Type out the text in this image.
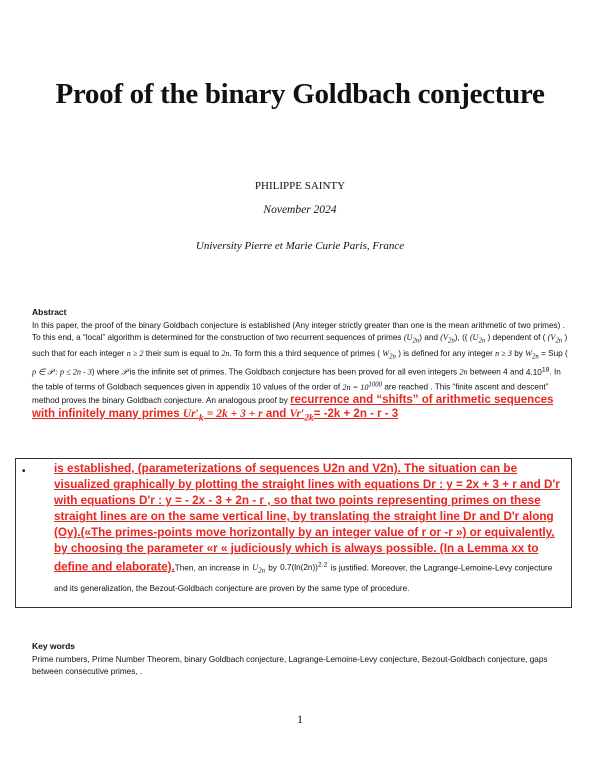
Proof of the binary Goldbach conjecture
PHILIPPE SAINTY
November 2024
University Pierre et Marie Curie Paris, France
Abstract
In this paper, the proof of the binary Goldbach conjecture is established (Any integer strictly greater than one is the mean arithmetic of two primes) . To this end, a “local” algorithm is determined for the construction of two recurrent sequences of primes $(U_{2n})$ and $(V_{2n})$, (( ($U_{2n}$ ) dependent of ( ($V_{2n}$ ) such that for each integer n ≥ 2 their sum is equal to 2n. To form this a third sequence of primes ( $W_{2n}$ ) is defined for any integer n ≥ 3 by $W_{2n}$ = Sup ( p ∈ 𝒫 : p ≤ 2n - 3) where 𝒫 is the infinite set of primes. The Goldbach conjecture has been proved for all even integers 2n between 4 and 4.10$^{18}$. In the table of terms of Goldbach sequences given in appendix 10 values of the order of $2n = 10^{1000}$ are reached . This “finite ascent and descent” method proves the binary Goldbach conjecture. An analogous proof by recurrence and “shifts” of arithmetic sequences with infinitely many primes $Ur'_k = 2k + 3 + r$ and $Vr'_{2k}= -2k + 2n - r - 3$
• is established, (parameterizations of sequences U2n and V2n). The situation can be visualized graphically by plotting the straight lines with equations Dr : y = 2x + 3 + r and D'r with equations D'r : y = - 2x - 3 + 2n - r , so that two points representing primes on these straight lines are on the same vertical line, by translating the straight line Dr and D'r along (Oy).(«The primes-points move horizontally by an integer value of r or -r ») or equivalently, by choosing the parameter «r « judiciously which is always possible. (In a Lemma xx to define and elaborate).Then, an increase in $U_{2n}$ by $0.7(\ln(2n))^{2.2}$ is justified. Moreover, the Lagrange-Lemoine-Levy conjecture and its generalization, the Bezout-Goldbach conjecture are proven by the same type of procedure.
Key words
Prime numbers, Prime Number Theorem, binary Goldbach conjecture, Lagrange-Lemoine-Levy conjecture, Bezout-Goldbach conjecture, gaps between consecutive primes, .
1
